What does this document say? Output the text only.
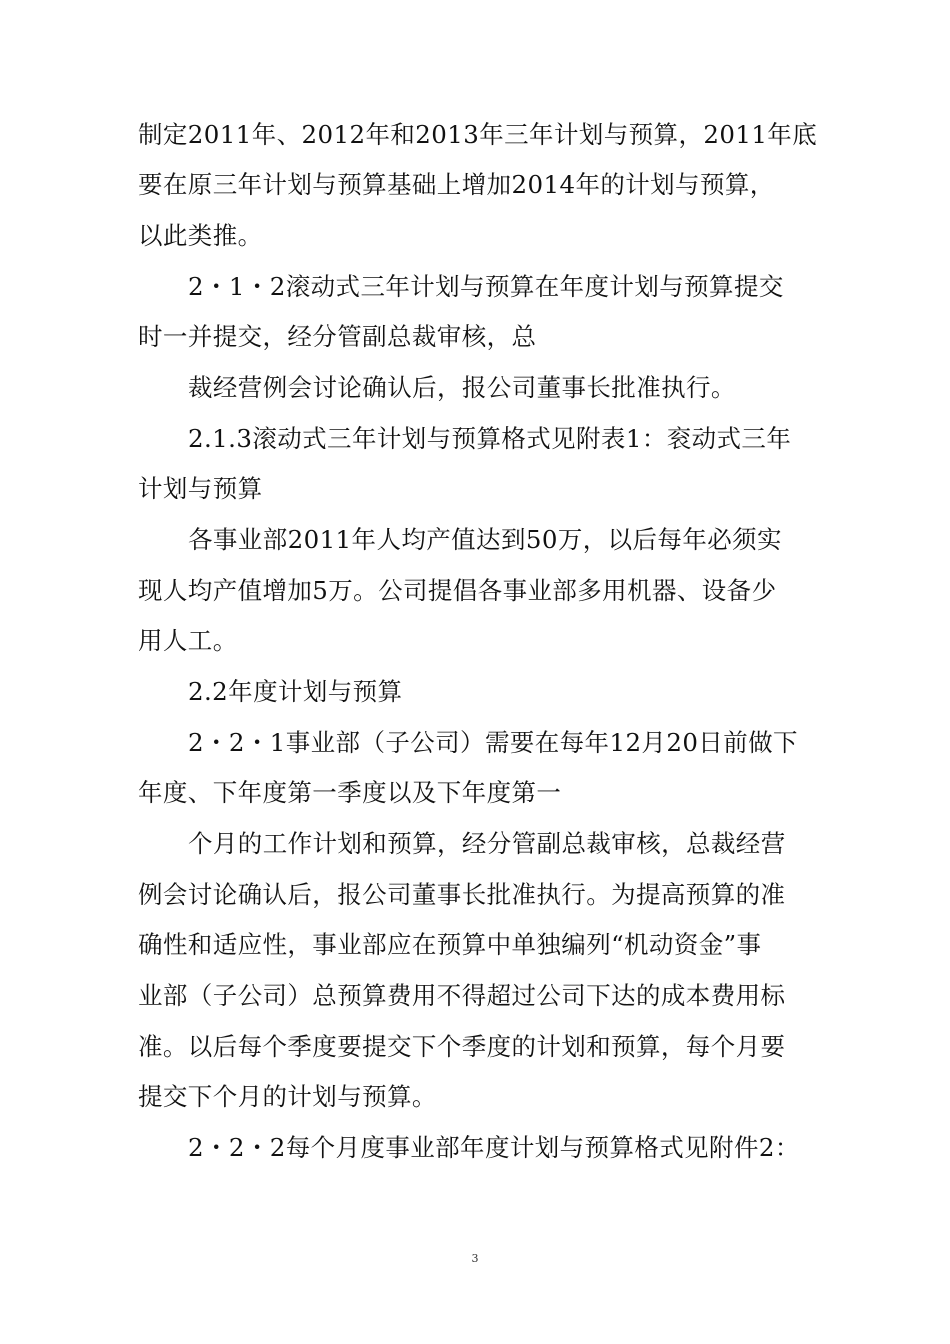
制定2011年、2012年和2013年三年计划与预算，2011年底
要在原三年计划与预算基础上增加2014年的计划与预算，
以此类推。
2・1・2滚动式三年计划与预算在年度计划与预算提交
时一并提交，经分管副总裁审核，总
裁经营例会讨论确认后，报公司董事长批准执行。
2.1.3滚动式三年计划与预算格式见附表1：衮动式三年
计划与预算
各事业部2011年人均产值达到50万，以后每年必须实
现人均产值增加5万。公司提倡各事业部多用机器、设备少
用人工。
2.2年度计划与预算
2・2・1事业部（子公司）需要在每年12月20日前做下
年度、下年度第一季度以及下年度第一
个月的工作计划和预算，经分管副总裁审核，总裁经营
例会讨论确认后，报公司董事长批准执行。为提高预算的准
确性和适应性，事业部应在预算中单独编列“机动资金”事
业部（子公司）总预算费用不得超过公司下达的成本费用标
准。以后每个季度要提交下个季度的计划和预算，每个月要
提交下个月的计划与预算。
2・2・2每个月度事业部年度计划与预算格式见附件2：
3
